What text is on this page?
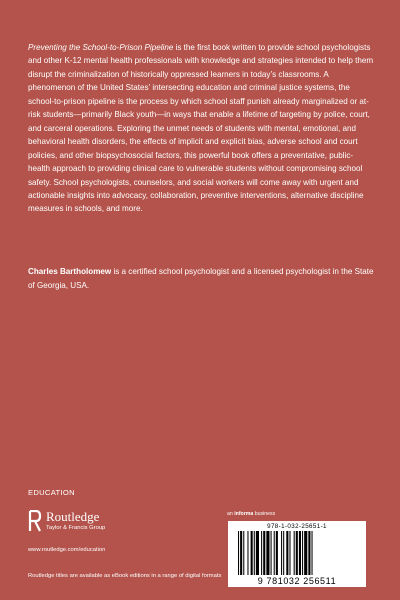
Preventing the School-to-Prison Pipeline is the first book written to provide school psychologists and other K-12 mental health professionals with knowledge and strategies intended to help them disrupt the criminalization of historically oppressed learners in today’s classrooms. A phenomenon of the United States’ intersecting education and criminal justice systems, the school-to-prison pipeline is the process by which school staff punish already marginalized or at-risk students—primarily Black youth—in ways that enable a lifetime of targeting by police, court, and carceral operations. Exploring the unmet needs of students with mental, emotional, and behavioral health disorders, the effects of implicit and explicit bias, adverse school and court policies, and other biopsychosocial factors, this powerful book offers a preventative, public-health approach to providing clinical care to vulnerable students without compromising school safety. School psychologists, counselors, and social workers will come away with urgent and actionable insights into advocacy, collaboration, preventive interventions, alternative discipline measures in schools, and more.

Charles Bartholomew is a certified school psychologist and a licensed psychologist in the State of Georgia, USA.

EDUCATION

Routledge
Taylor & Francis Group

www.routledge.com/education

Routledge titles are available as eBook editions in a range of digital formats

an informa business

978-1-032-25651-1
9 781032 256511
